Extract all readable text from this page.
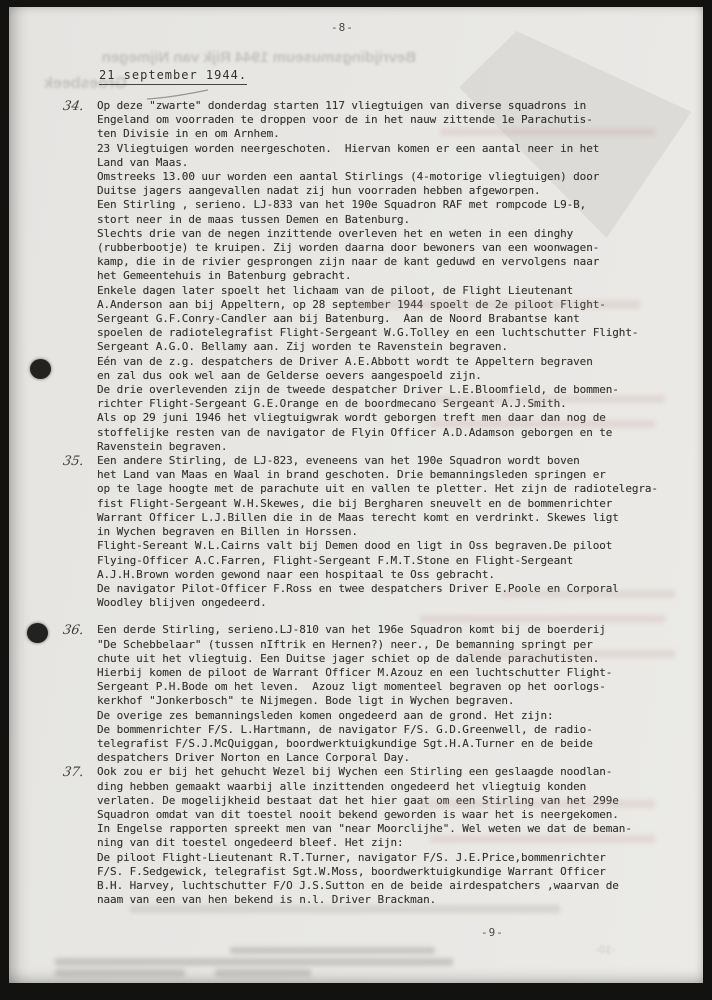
Bevrijdingsmuseum 1944 Rijk van Nijmegen
Groesbeek
-8-
21 september 1944.
34.	Op deze "zwarte" donderdag starten 117 vliegtuigen van diverse squadrons in
Engeland om voorraden te droppen voor de in het nauw zittende 1e Parachutis-
ten Divisie in en om Arnhem.
23 Vliegtuigen worden neergeschoten.  Hiervan komen er een aantal neer in het
Land van Maas.
Omstreeks 13.00 uur worden een aantal Stirlings (4-motorige vliegtuigen) door
Duitse jagers aangevallen nadat zij hun voorraden hebben afgeworpen.
Een Stirling , serieno. LJ-833 van het 190e Squadron RAF met rompcode L9-B,
stort neer in de maas tussen Demen en Batenburg.
Slechts drie van de negen inzittende overleven het en weten in een dinghy
(rubberbootje) te kruipen. Zij worden daarna door bewoners van een woonwagen-
kamp, die in de rivier gesprongen zijn naar de kant geduwd en vervolgens naar
het Gemeentehuis in Batenburg gebracht.
Enkele dagen later spoelt het lichaam van de piloot, de Flight Lieutenant
A.Anderson aan bij Appeltern, op 28 september 1944 spoelt de 2e piloot Flight-
Sergeant G.F.Conry-Candler aan bij Batenburg.  Aan de Noord Brabantse kant
spoelen de radiotelegrafist Flight-Sergeant W.G.Tolley en een luchtschutter Flight-
Sergeant A.G.O. Bellamy aan. Zij worden te Ravenstein begraven.
Eén van de z.g. despatchers de Driver A.E.Abbott wordt te Appeltern begraven
en zal dus ook wel aan de Gelderse oevers aangespoeld zijn.
De drie overlevenden zijn de tweede despatcher Driver L.E.Bloomfield, de bommen-
richter Flight-Sergeant G.E.Orange en de boordmecano Sergeant A.J.Smith.
Als op 29 juni 1946 het vliegtuigwrak wordt geborgen treft men daar dan nog de
stoffelijke resten van de navigator de Flyin Officer A.D.Adamson geborgen en te
Ravenstein begraven.
35.	Een andere Stirling, de LJ-823, eveneens van het 190e Squadron wordt boven
het Land van Maas en Waal in brand geschoten. Drie bemanningsleden springen er
op te lage hoogte met de parachute uit en vallen te pletter. Het zijn de radiotelegra-
fist Flight-Sergeant W.H.Skewes, die bij Bergharen sneuvelt en de bommenrichter
Warrant Officer L.J.Billen die in de Maas terecht komt en verdrinkt. Skewes ligt
in Wychen begraven en Billen in Horssen.
Flight-Sereant W.L.Cairns valt bij Demen dood en ligt in Oss begraven.De piloot
Flying-Officer A.C.Farren, Flight-Sergeant F.M.T.Stone en Flight-Sergeant
A.J.H.Brown worden gewond naar een hospitaal te Oss gebracht.
De navigator Pilot-Officer F.Ross en twee despatchers Driver E.Poole en Corporal
Woodley blijven ongedeerd.
36.	Een derde Stirling, serieno.LJ-810 van het 196e Squadron komt bij de boerderij
"De Schebbelaar" (tussen nIftrik en Hernen?) neer., De bemanning springt per
chute uit het vliegtuig. Een Duitse jager schiet op de dalende parachutisten.
Hierbij komen de piloot de Warrant Officer M.Azouz en een luchtschutter Flight-
Sergeant P.H.Bode om het leven.  Azouz ligt momenteel begraven op het oorlogs-
kerkhof "Jonkerbosch" te Nijmegen. Bode ligt in Wychen begraven.
De overige zes bemanningsleden komen ongedeerd aan de grond. Het zijn:
De bommenrichter F/S. L.Hartmann, de navigator F/S. G.D.Greenwell, de radio-
telegrafist F/S.J.McQuiggan, boordwerktuigkundige Sgt.H.A.Turner en de beide
despatchers Driver Norton en Lance Corporal Day.
37.	Ook zou er bij het gehucht Wezel bij Wychen een Stirling een geslaagde noodlan-
ding hebben gemaakt waarbij alle inzittenden ongedeerd het vliegtuig konden
verlaten. De mogelijkheid bestaat dat het hier gaat om een Stirling van het 299e
Squadron omdat van dit toestel nooit bekend geworden is waar het is neergekomen.
In Engelse rapporten spreekt men van "near Moorclijhe". Wel weten we dat de beman-
ning van dit toestel ongedeerd bleef. Het zijn:
De piloot Flight-Lieutenant R.T.Turner, navigator F/S. J.E.Price,bommenrichter
F/S. F.Sedgewick, telegrafist Sgt.W.Moss, boordwerktuigkundige Warrant Officer
B.H. Harvey, luchtschutter F/O J.S.Sutton en de beide airdespatchers ,waarvan de
naam van een van hen bekend is n.l. Driver Brackman.
-9-
-10-
